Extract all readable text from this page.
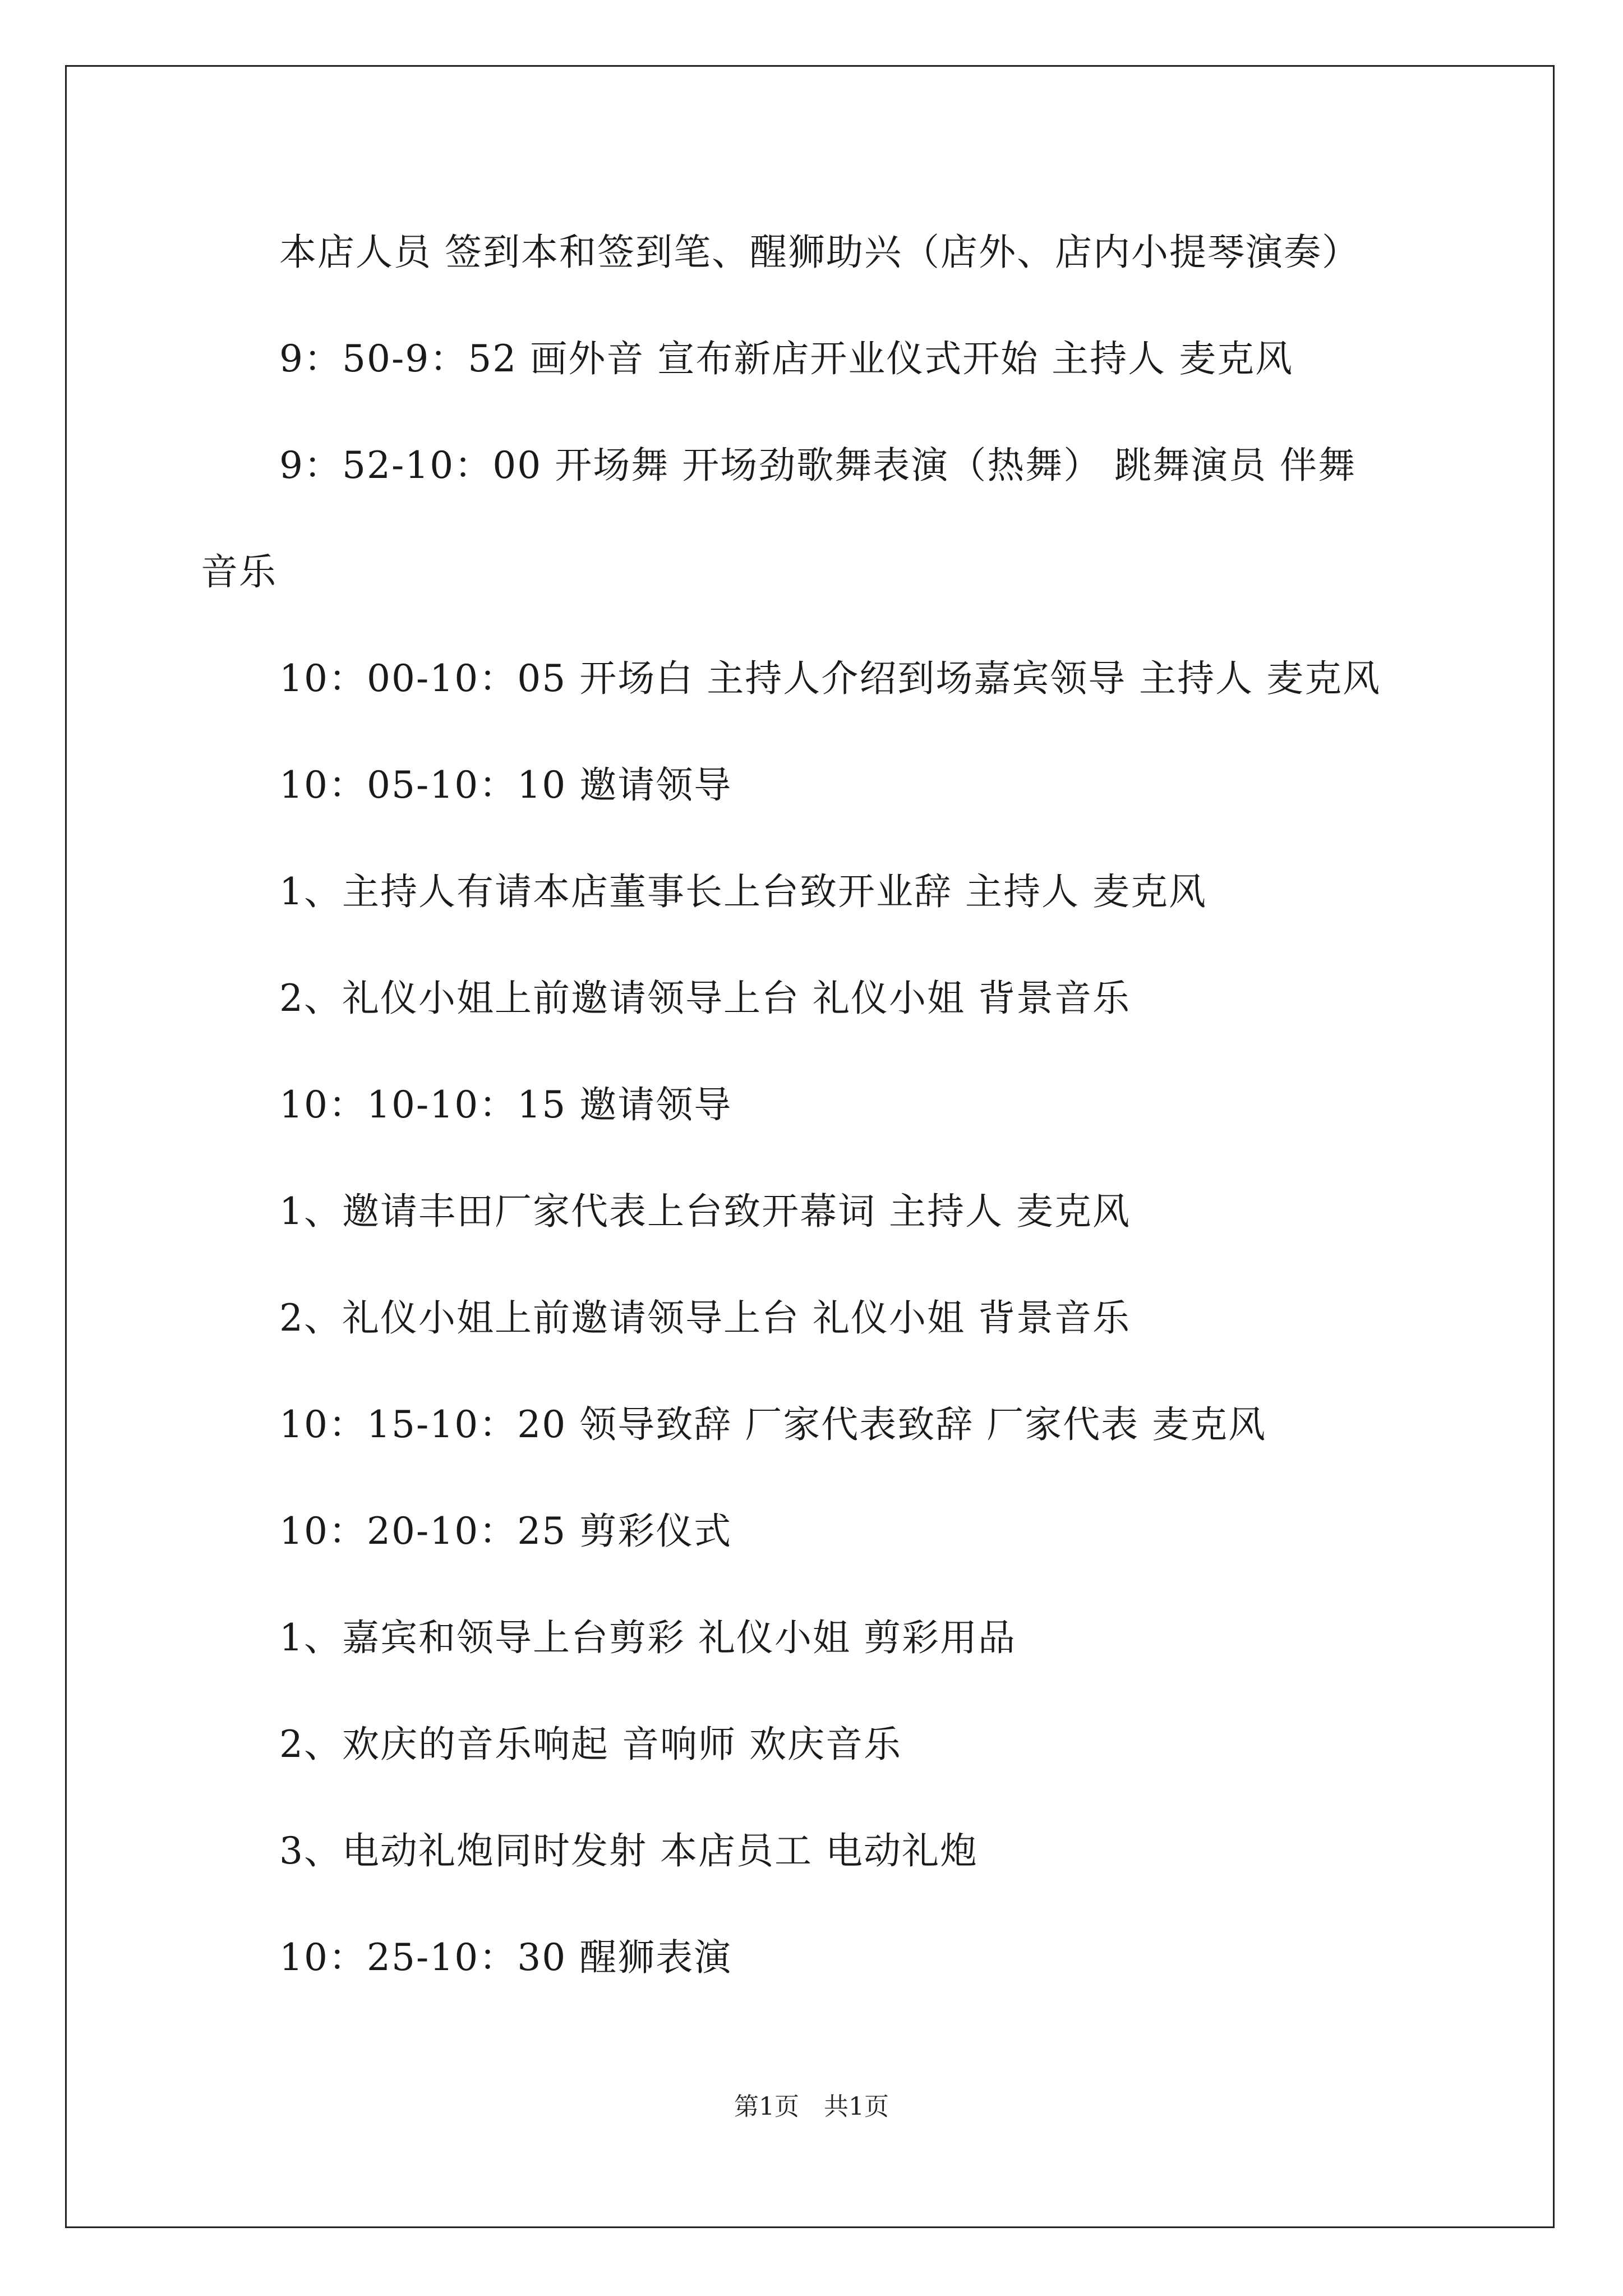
本店人员 签到本和签到笔、醒狮助兴（店外、店内小提琴演奏）
9：50-9：52 画外音 宣布新店开业仪式开始 主持人 麦克风
9：52-10：00 开场舞 开场劲歌舞表演（热舞） 跳舞演员 伴舞
音乐
10：00-10：05 开场白 主持人介绍到场嘉宾领导 主持人 麦克风
10：05-10：10 邀请领导
1、主持人有请本店董事长上台致开业辞 主持人 麦克风
2、礼仪小姐上前邀请领导上台 礼仪小姐 背景音乐
10：10-10：15 邀请领导
1、邀请丰田厂家代表上台致开幕词 主持人 麦克风
2、礼仪小姐上前邀请领导上台 礼仪小姐 背景音乐
10：15-10：20 领导致辞 厂家代表致辞 厂家代表 麦克风
10：20-10：25 剪彩仪式
1、嘉宾和领导上台剪彩 礼仪小姐 剪彩用品
2、欢庆的音乐响起 音响师 欢庆音乐
3、电动礼炮同时发射 本店员工 电动礼炮
10：25-10：30 醒狮表演
第1页　共1页
